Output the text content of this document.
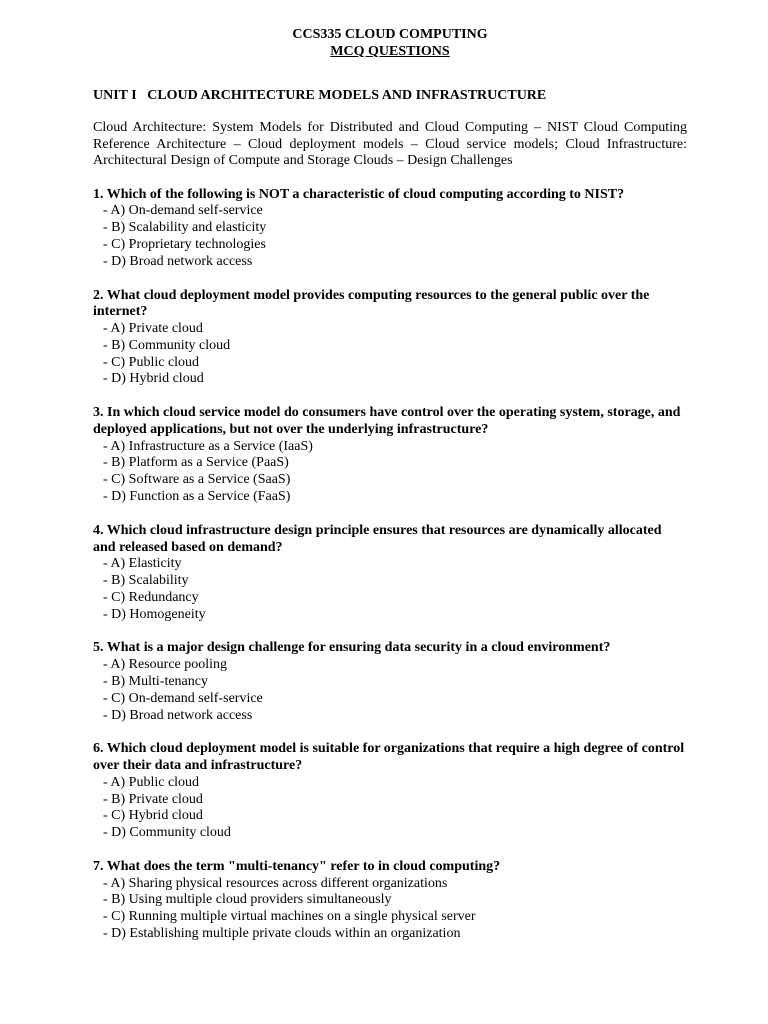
CCS335 CLOUD COMPUTING
MCQ QUESTIONS
UNIT I   CLOUD ARCHITECTURE MODELS AND INFRASTRUCTURE
Cloud Architecture: System Models for Distributed and Cloud Computing – NIST Cloud Computing Reference Architecture – Cloud deployment models – Cloud service models; Cloud Infrastructure: Architectural Design of Compute and Storage Clouds – Design Challenges
1. Which of the following is NOT a characteristic of cloud computing according to NIST?
- A) On-demand self-service
- B) Scalability and elasticity
- C) Proprietary technologies
- D) Broad network access
2. What cloud deployment model provides computing resources to the general public over the internet?
- A) Private cloud
- B) Community cloud
- C) Public cloud
- D) Hybrid cloud
3. In which cloud service model do consumers have control over the operating system, storage, and deployed applications, but not over the underlying infrastructure?
- A) Infrastructure as a Service (IaaS)
- B) Platform as a Service (PaaS)
- C) Software as a Service (SaaS)
- D) Function as a Service (FaaS)
4. Which cloud infrastructure design principle ensures that resources are dynamically allocated and released based on demand?
- A) Elasticity
- B) Scalability
- C) Redundancy
- D) Homogeneity
5. What is a major design challenge for ensuring data security in a cloud environment?
- A) Resource pooling
- B) Multi-tenancy
- C) On-demand self-service
- D) Broad network access
6. Which cloud deployment model is suitable for organizations that require a high degree of control over their data and infrastructure?
- A) Public cloud
- B) Private cloud
- C) Hybrid cloud
- D) Community cloud
7. What does the term "multi-tenancy" refer to in cloud computing?
- A) Sharing physical resources across different organizations
- B) Using multiple cloud providers simultaneously
- C) Running multiple virtual machines on a single physical server
- D) Establishing multiple private clouds within an organization
